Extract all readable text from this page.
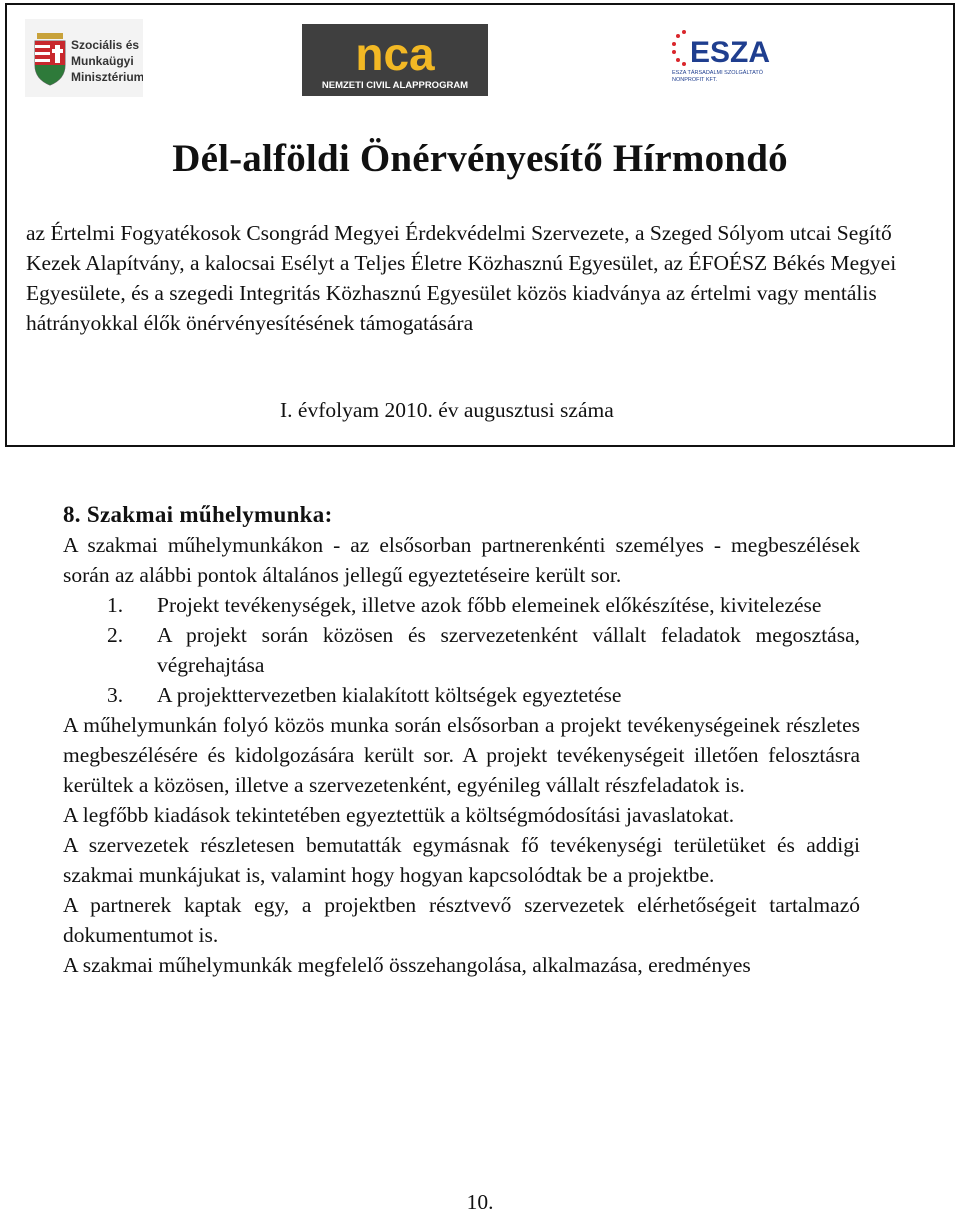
Szociális és
Munkaügyi
Minisztérium	nca
NEMZETI CIVIL ALAPPROGRAM
ESZA
ESZA TÁRSADALMI SZOLGÁLTATÓ
NONPROFIT KFT.
Dél-alföldi Önérvényesítő Hírmondó
az Értelmi Fogyatékosok Csongrád Megyei Érdekvédelmi Szervezete, a Szeged Sólyom utcai Segítő Kezek Alapítvány, a kalocsai Esélyt a Teljes Életre Közhasznú Egyesület, az ÉFOÉSZ Békés Megyei Egyesülete, és a szegedi Integritás Közhasznú Egyesület közös kiadványa az értelmi vagy mentális hátrányokkal élők önérvényesítésének támogatására
I. évfolyam 2010. év augusztusi száma
8. Szakmai műhelymunka:
A szakmai műhelymunkákon - az elsősorban partnerenkénti személyes - megbeszélések során az alábbi pontok általános jellegű egyeztetéseire került sor.
1. Projekt tevékenységek, illetve azok főbb elemeinek előkészítése, kivitelezése
2. A projekt során közösen és szervezetenként vállalt feladatok megosztása, végrehajtása
3. A projekttervezetben kialakított költségek egyeztetése
A műhelymunkán folyó közös munka során elsősorban a projekt tevékenységeinek részletes megbeszélésére és kidolgozására került sor. A projekt tevékenységeit illetően felosztásra kerültek a közösen, illetve a szervezetenként, egyénileg vállalt részfeladatok is.
A legfőbb kiadások tekintetében egyeztettük a költségmódosítási javaslatokat.
A szervezetek részletesen bemutatták egymásnak fő tevékenységi területüket és addigi szakmai munkájukat is, valamint hogy hogyan kapcsolódtak be a projektbe.
A partnerek kaptak egy, a projektben résztvevő szervezetek elérhetőségeit tartalmazó dokumentumot is.
A szakmai műhelymunkák megfelelő összehangolása, alkalmazása, eredményes
10.
